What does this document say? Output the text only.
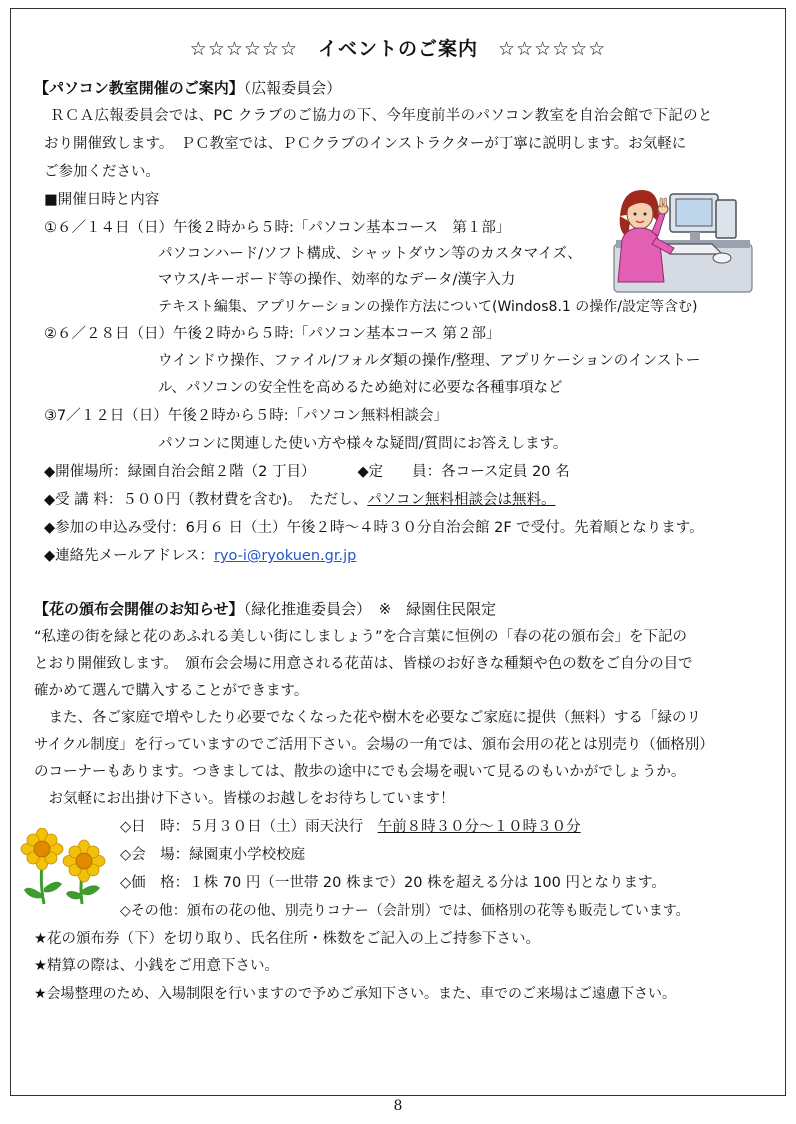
☆☆☆☆☆☆　イベントのご案内　☆☆☆☆☆☆
【パソコン教室開催のご案内】（広報委員会）
ＲＣＡ広報委員会では、PC クラブのご協力の下、今年度前半のパソコン教室を自治会館で下記のと
おり開催致します。　ＰＣ教室では、ＰＣクラブのインストラクターが丁寧に説明します。お気軽に
ご参加ください。
■開催日時と内容
①６／１４日（日）午後２時から５時:「パソコン基本コース　第１部」
パソコンハード/ソフト構成、シャットダウン等のカスタマイズ、
マウス/キーボード等の操作、効率的なデータ/漢字入力
テキスト編集、アプリケーションの操作方法について(Windos8.1 の操作/設定等含む)
②６／２８日（日）午後２時から５時:「パソコン基本コース 第２部」
ウインドウ操作、ファイル/フォルダ類の操作/整理、アプリケーションのインストー
ル、パソコンの安全性を高めるため絶対に必要な各種事項など
③7／１２日（日）午後２時から５時:「パソコン無料相談会」
パソコンに関連した使い方や様々な疑問/質問にお答えします。
◆開催場所：緑園自治会館２階（2 丁目）	◆定　　員：各コース定員 20 名
◆受 講 料：５００円（教材費を含む)。　ただし、パソコン無料相談会は無料。
◆参加の申込み受付：6月６ 日（土）午後２時～４時３０分自治会館 2F で受付。先着順となります。
◆連絡先メールアドレス：ryo-i@ryokuen.gr.jp
【花の頒布会開催のお知らせ】（緑化推進委員会）　※　緑園住民限定
“私達の街を緑と花のあふれる美しい街にしましょう”を合言葉に恒例の「春の花の頒布会」を下記の
とおり開催致します。　頒布会会場に用意される花苗は、皆様のお好きな種類や色の数をご自分の目で
確かめて選んで購入することができます。
　また、各ご家庭で増やしたり必要でなくなった花や樹木を必要なご家庭に提供（無料）する「緑のリ
サイクル制度」を行っていますのでご活用下さい。会場の一角では、頒布会用の花とは別売り（価格別）
のコーナーもあります。つきましては、散歩の途中にでも会場を覗いて見るのもいかがでしょうか。
　お気軽にお出掛け下さい。皆様のお越しをお待ちしています！
◇日　時：５月３０日（土）雨天決行　午前８時３０分～１０時３０分
◇会　場：緑園東小学校校庭
◇価　格：１株 70 円（一世帯 20 株まで）20 株を超える分は 100 円となります。
◇その他：頒布の花の他、別売りコナー（会計別）では、価格別の花等も販売しています。
★花の頒布券（下）を切り取り、氏名住所・株数をご記入の上ご持参下さい。
★精算の際は、小銭をご用意下さい。
★会場整理のため、入場制限を行いますので予めご承知下さい。また、車でのご来場はご遠慮下さい。
8
